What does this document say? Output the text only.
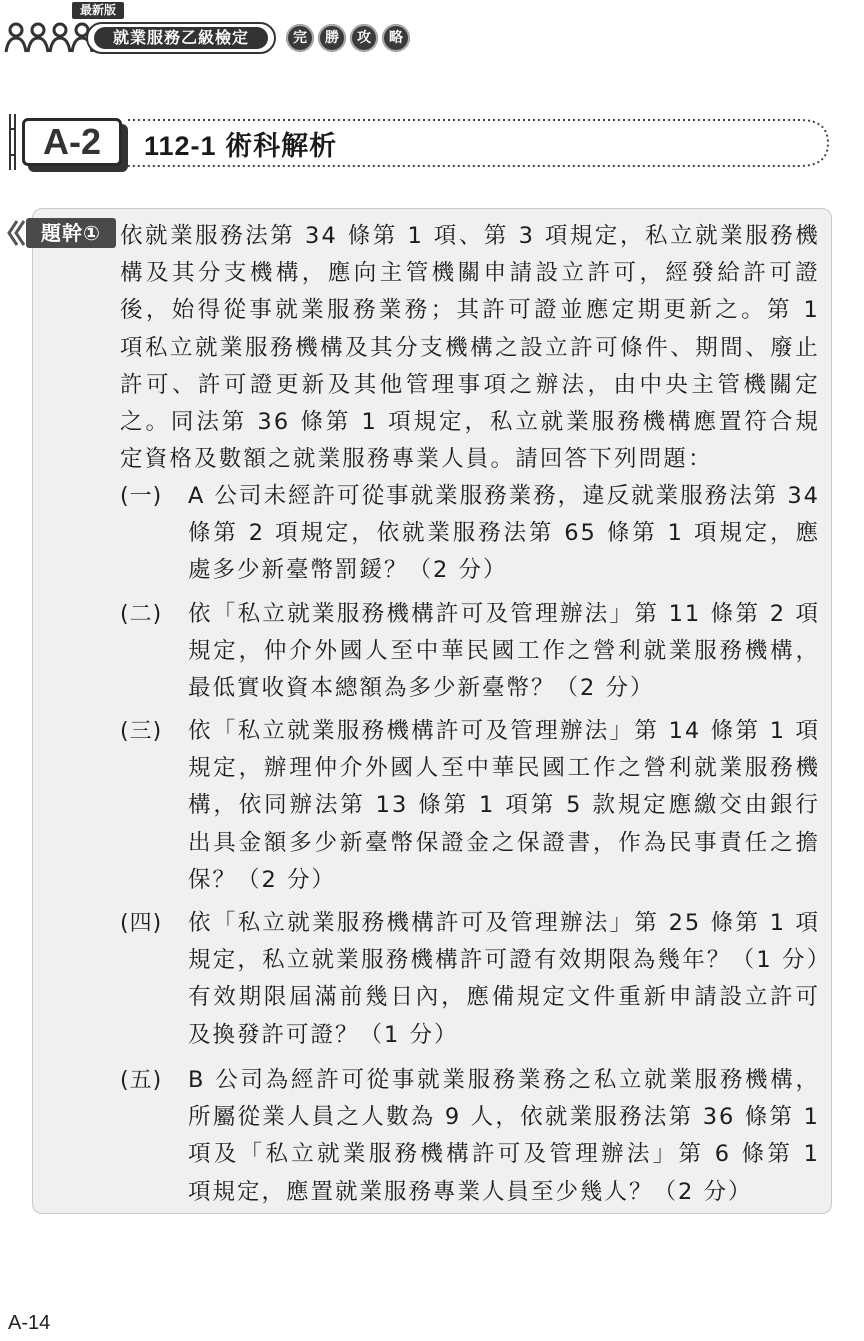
最新版
就業服務乙級檢定	完	勝	攻	略
A-2	112-1 術科解析
題幹① 依就業服務法第 34 條第 1 項、第 3 項規定，私立就業服務機構及其分支機構，應向主管機關申請設立許可，經發給許可證後，始得從事就業服務業務；其許可證並應定期更新之。第 1 項私立就業服務機構及其分支機構之設立許可條件、期間、廢止許可、許可證更新及其他管理事項之辦法，由中央主管機關定之。同法第 36 條第 1 項規定，私立就業服務機構應置符合規定資格及數額之就業服務專業人員。請回答下列問題：
(一)	A 公司未經許可從事就業服務業務，違反就業服務法第 34 條第 2 項規定，依就業服務法第 65 條第 1 項規定，應處多少新臺幣罰鍰？（2 分）
(二)	依「私立就業服務機構許可及管理辦法」第 11 條第 2 項規定，仲介外國人至中華民國工作之營利就業服務機構，最低實收資本總額為多少新臺幣？（2 分）
(三)	依「私立就業服務機構許可及管理辦法」第 14 條第 1 項規定，辦理仲介外國人至中華民國工作之營利就業服務機構，依同辦法第 13 條第 1 項第 5 款規定應繳交由銀行出具金額多少新臺幣保證金之保證書，作為民事責任之擔保？（2 分）
(四)	依「私立就業服務機構許可及管理辦法」第 25 條第 1 項規定，私立就業服務機構許可證有效期限為幾年？（1 分）有效期限屆滿前幾日內，應備規定文件重新申請設立許可及換發許可證？（1 分）
(五)	B 公司為經許可從事就業服務業務之私立就業服務機構，所屬從業人員之人數為 9 人，依就業服務法第 36 條第 1 項及「私立就業服務機構許可及管理辦法」第 6 條第 1 項規定，應置就業服務專業人員至少幾人？（2 分）
A-14
